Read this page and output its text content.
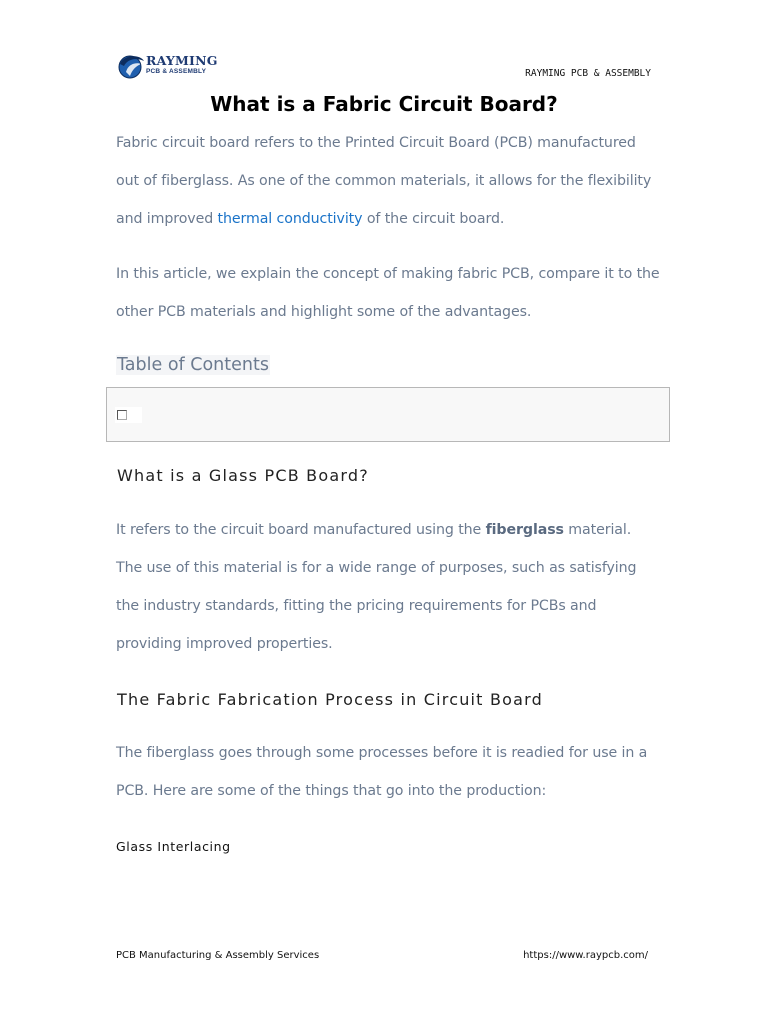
RAYMING
PCB & ASSEMBLY	RAYMING PCB & ASSEMBLY
What is a Fabric Circuit Board?

Fabric circuit board refers to the Printed Circuit Board (PCB) manufactured out of fiberglass. As one of the common materials, it allows for the flexibility and improved thermal conductivity of the circuit board.

In this article, we explain the concept of making fabric PCB, compare it to the other PCB materials and highlight some of the advantages.

Table of Contents
What is a Glass PCB Board?

It refers to the circuit board manufactured using the fiberglass material. The use of this material is for a wide range of purposes, such as satisfying the industry standards, fitting the pricing requirements for PCBs and providing improved properties.

The Fabric Fabrication Process in Circuit Board

The fiberglass goes through some processes before it is readied for use in a PCB. Here are some of the things that go into the production:

Glass Interlacing
PCB Manufacturing & Assembly Services	https://www.raypcb.com/
